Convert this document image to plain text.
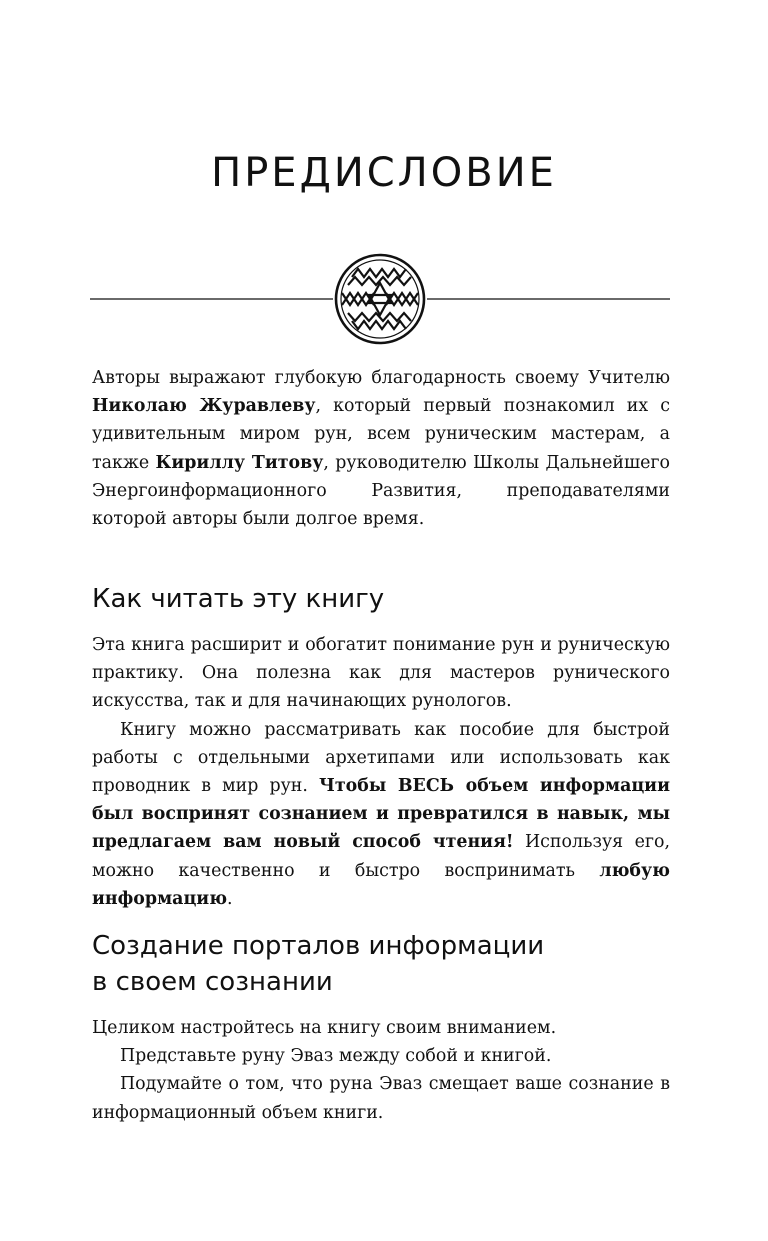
ПРЕДИСЛОВИЕ

Авторы выражают глубокую благодарность своему Учителю Николаю Журавлеву, который первый познакомил их с удивительным миром рун, всем руническим мастерам, а также Кириллу Титову, руководителю Школы Дальнейшего Энергоинформационного Развития, преподавателями которой авторы были долгое время.

Как читать эту книгу

Эта книга расширит и обогатит понимание рун и руническую практику. Она полезна как для мастеров рунического искусства, так и для начинающих рунологов.

Книгу можно рассматривать как пособие для быстрой работы с отдельными архетипами или использовать как проводник в мир рун. Чтобы ВЕСЬ объем информации был воспринят сознанием и превратился в навык, мы предлагаем вам новый способ чтения! Используя его, можно качественно и быстро воспринимать любую информацию.

Создание порталов информации
в своем сознании

Целиком настройтесь на книгу своим вниманием.

Представьте руну Эваз между собой и книгой.

Подумайте о том, что руна Эваз смещает ваше сознание в информационный объем книги.
